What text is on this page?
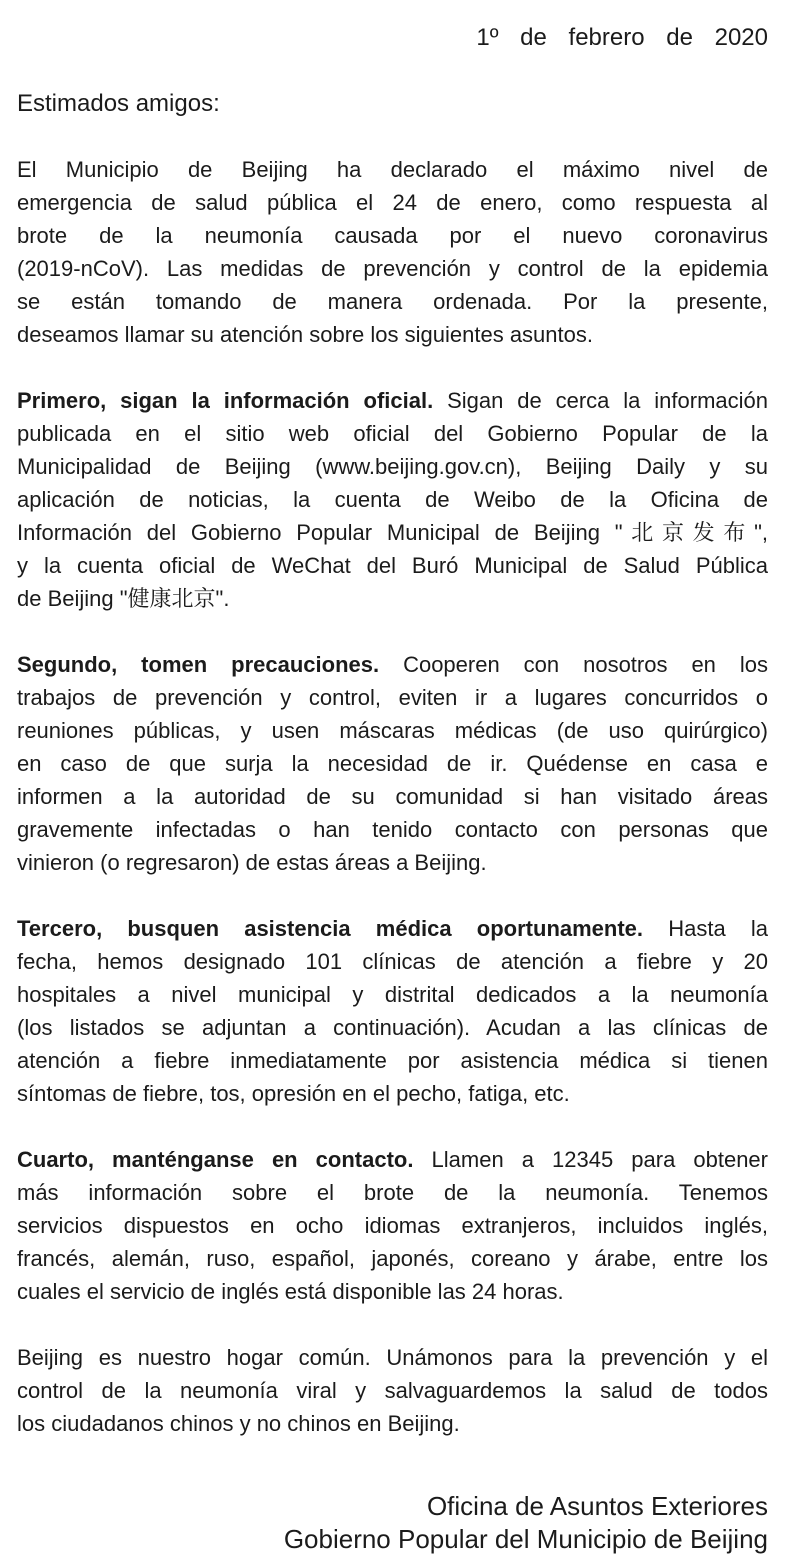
1º de febrero de 2020
Estimados amigos:
El Municipio de Beijing ha declarado el máximo nivel de
emergencia de salud pública el 24 de enero, como respuesta al
brote de la neumonía causada por el nuevo coronavirus
(2019-nCoV). Las medidas de prevención y control de la epidemia
se están tomando de manera ordenada. Por la presente,
deseamos llamar su atención sobre los siguientes asuntos.
Primero, sigan la información oficial. Sigan de cerca la información
publicada en el sitio web oficial del Gobierno Popular de la
Municipalidad de Beijing (www.beijing.gov.cn), Beijing Daily y su
aplicación de noticias, la cuenta de Weibo de la Oficina de
Información del Gobierno Popular Municipal de Beijing "北京发布",
y la cuenta oficial de WeChat del Buró Municipal de Salud Pública
de Beijing "健康北京".
Segundo, tomen precauciones. Cooperen con nosotros en los
trabajos de prevención y control, eviten ir a lugares concurridos o
reuniones públicas, y usen máscaras médicas (de uso quirúrgico)
en caso de que surja la necesidad de ir. Quédense en casa e
informen a la autoridad de su comunidad si han visitado áreas
gravemente infectadas o han tenido contacto con personas que
vinieron (o regresaron) de estas áreas a Beijing.
Tercero, busquen asistencia médica oportunamente. Hasta la
fecha, hemos designado 101 clínicas de atención a fiebre y 20
hospitales a nivel municipal y distrital dedicados a la neumonía
(los listados se adjuntan a continuación). Acudan a las clínicas de
atención a fiebre inmediatamente por asistencia médica si tienen
síntomas de fiebre, tos, opresión en el pecho, fatiga, etc.
Cuarto, manténganse en contacto. Llamen a 12345 para obtener
más información sobre el brote de la neumonía. Tenemos
servicios dispuestos en ocho idiomas extranjeros, incluidos inglés,
francés, alemán, ruso, español, japonés, coreano y árabe, entre los
cuales el servicio de inglés está disponible las 24 horas.
Beijing es nuestro hogar común. Unámonos para la prevención y el
control de la neumonía viral y salvaguardemos la salud de todos
los ciudadanos chinos y no chinos en Beijing.
Oficina de Asuntos Exteriores
Gobierno Popular del Municipio de Beijing
